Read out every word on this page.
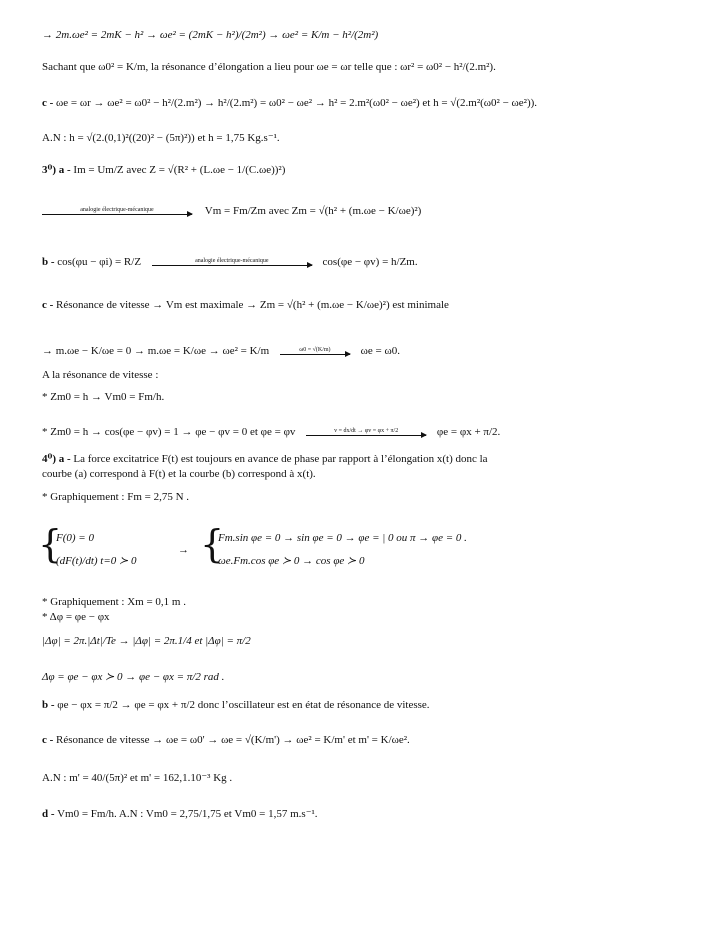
→ 2m.ωe² = 2mK − h² → ωe² = (2mK − h²)/(2m²) → ωe² = K/m − h²/(2m²)
Sachant que ω0² = K/m, la résonance d’élongation a lieu pour ωe = ωr telle que : ωr² = ω0² − h²/(2.m²).
c - ωe = ωr → ωe² = ω0² − h²/(2.m²) → h²/(2.m²) = ω0² − ωe² → h² = 2.m²(ω0² − ωe²) et h = √(2.m²(ω0² − ωe²)).
A.N : h = √(2.(0,1)²((20)² − (5π)²)) et h = 1,75 Kg.s⁻¹.
3⁰) a - Im = Um/Z avec Z = √(R² + (L.ωe − 1/(C.ωe))²)
analogie électrique-mécanique	Vm = Fm/Zm avec Zm = √(h² + (m.ωe − K/ωe)²)
b - cos(φu − φi) = R/Z	analogie électrique-mécanique	cos(φe − φv) = h/Zm.
c - Résonance de vitesse → Vm est maximale → Zm = √(h² + (m.ωe − K/ωe)²) est minimale
→ m.ωe − K/ωe = 0 → m.ωe = K/ωe → ωe² = K/m	ω0 = √(K/m)	ωe = ω0.
A la résonance de vitesse :
* Zm0 = h → Vm0 = Fm/h.
* Zm0 = h → cos(φe − φv) = 1 → φe − φv = 0 et φe = φv	v = dx/dt → φv = φx + π/2	φe = φx + π/2.
4⁰) a - La force excitatrice F(t) est toujours en avance de phase par rapport à l’élongation x(t) donc la
courbe (a) correspond à F(t) et la courbe (b) correspond à x(t).
* Graphiquement : Fm = 2,75 N .
{
F(0) = 0
(dF(t)/dt) t=0 ≻ 0
→ {
Fm.sin φe = 0 → sin φe = 0 → φe = | 0 ou π → φe = 0 .
ωe.Fm.cos φe ≻ 0 → cos φe ≻ 0
* Graphiquement : Xm = 0,1 m .
* Δφ = φe − φx
|Δφ| = 2π.|Δt|/Te → |Δφ| = 2π.1/4 et |Δφ| = π/2
Δφ = φe − φx ≻ 0 → φe − φx = π/2 rad .
b - φe − φx = π/2 → φe = φx + π/2 donc l’oscillateur est en état de résonance de vitesse.
c - Résonance de vitesse → ωe = ω0' → ωe = √(K/m') → ωe² = K/m' et m' = K/ωe².
A.N : m' = 40/(5π)² et m' = 162,1.10⁻³ Kg .
d - Vm0 = Fm/h. A.N : Vm0 = 2,75/1,75 et Vm0 = 1,57 m.s⁻¹.
